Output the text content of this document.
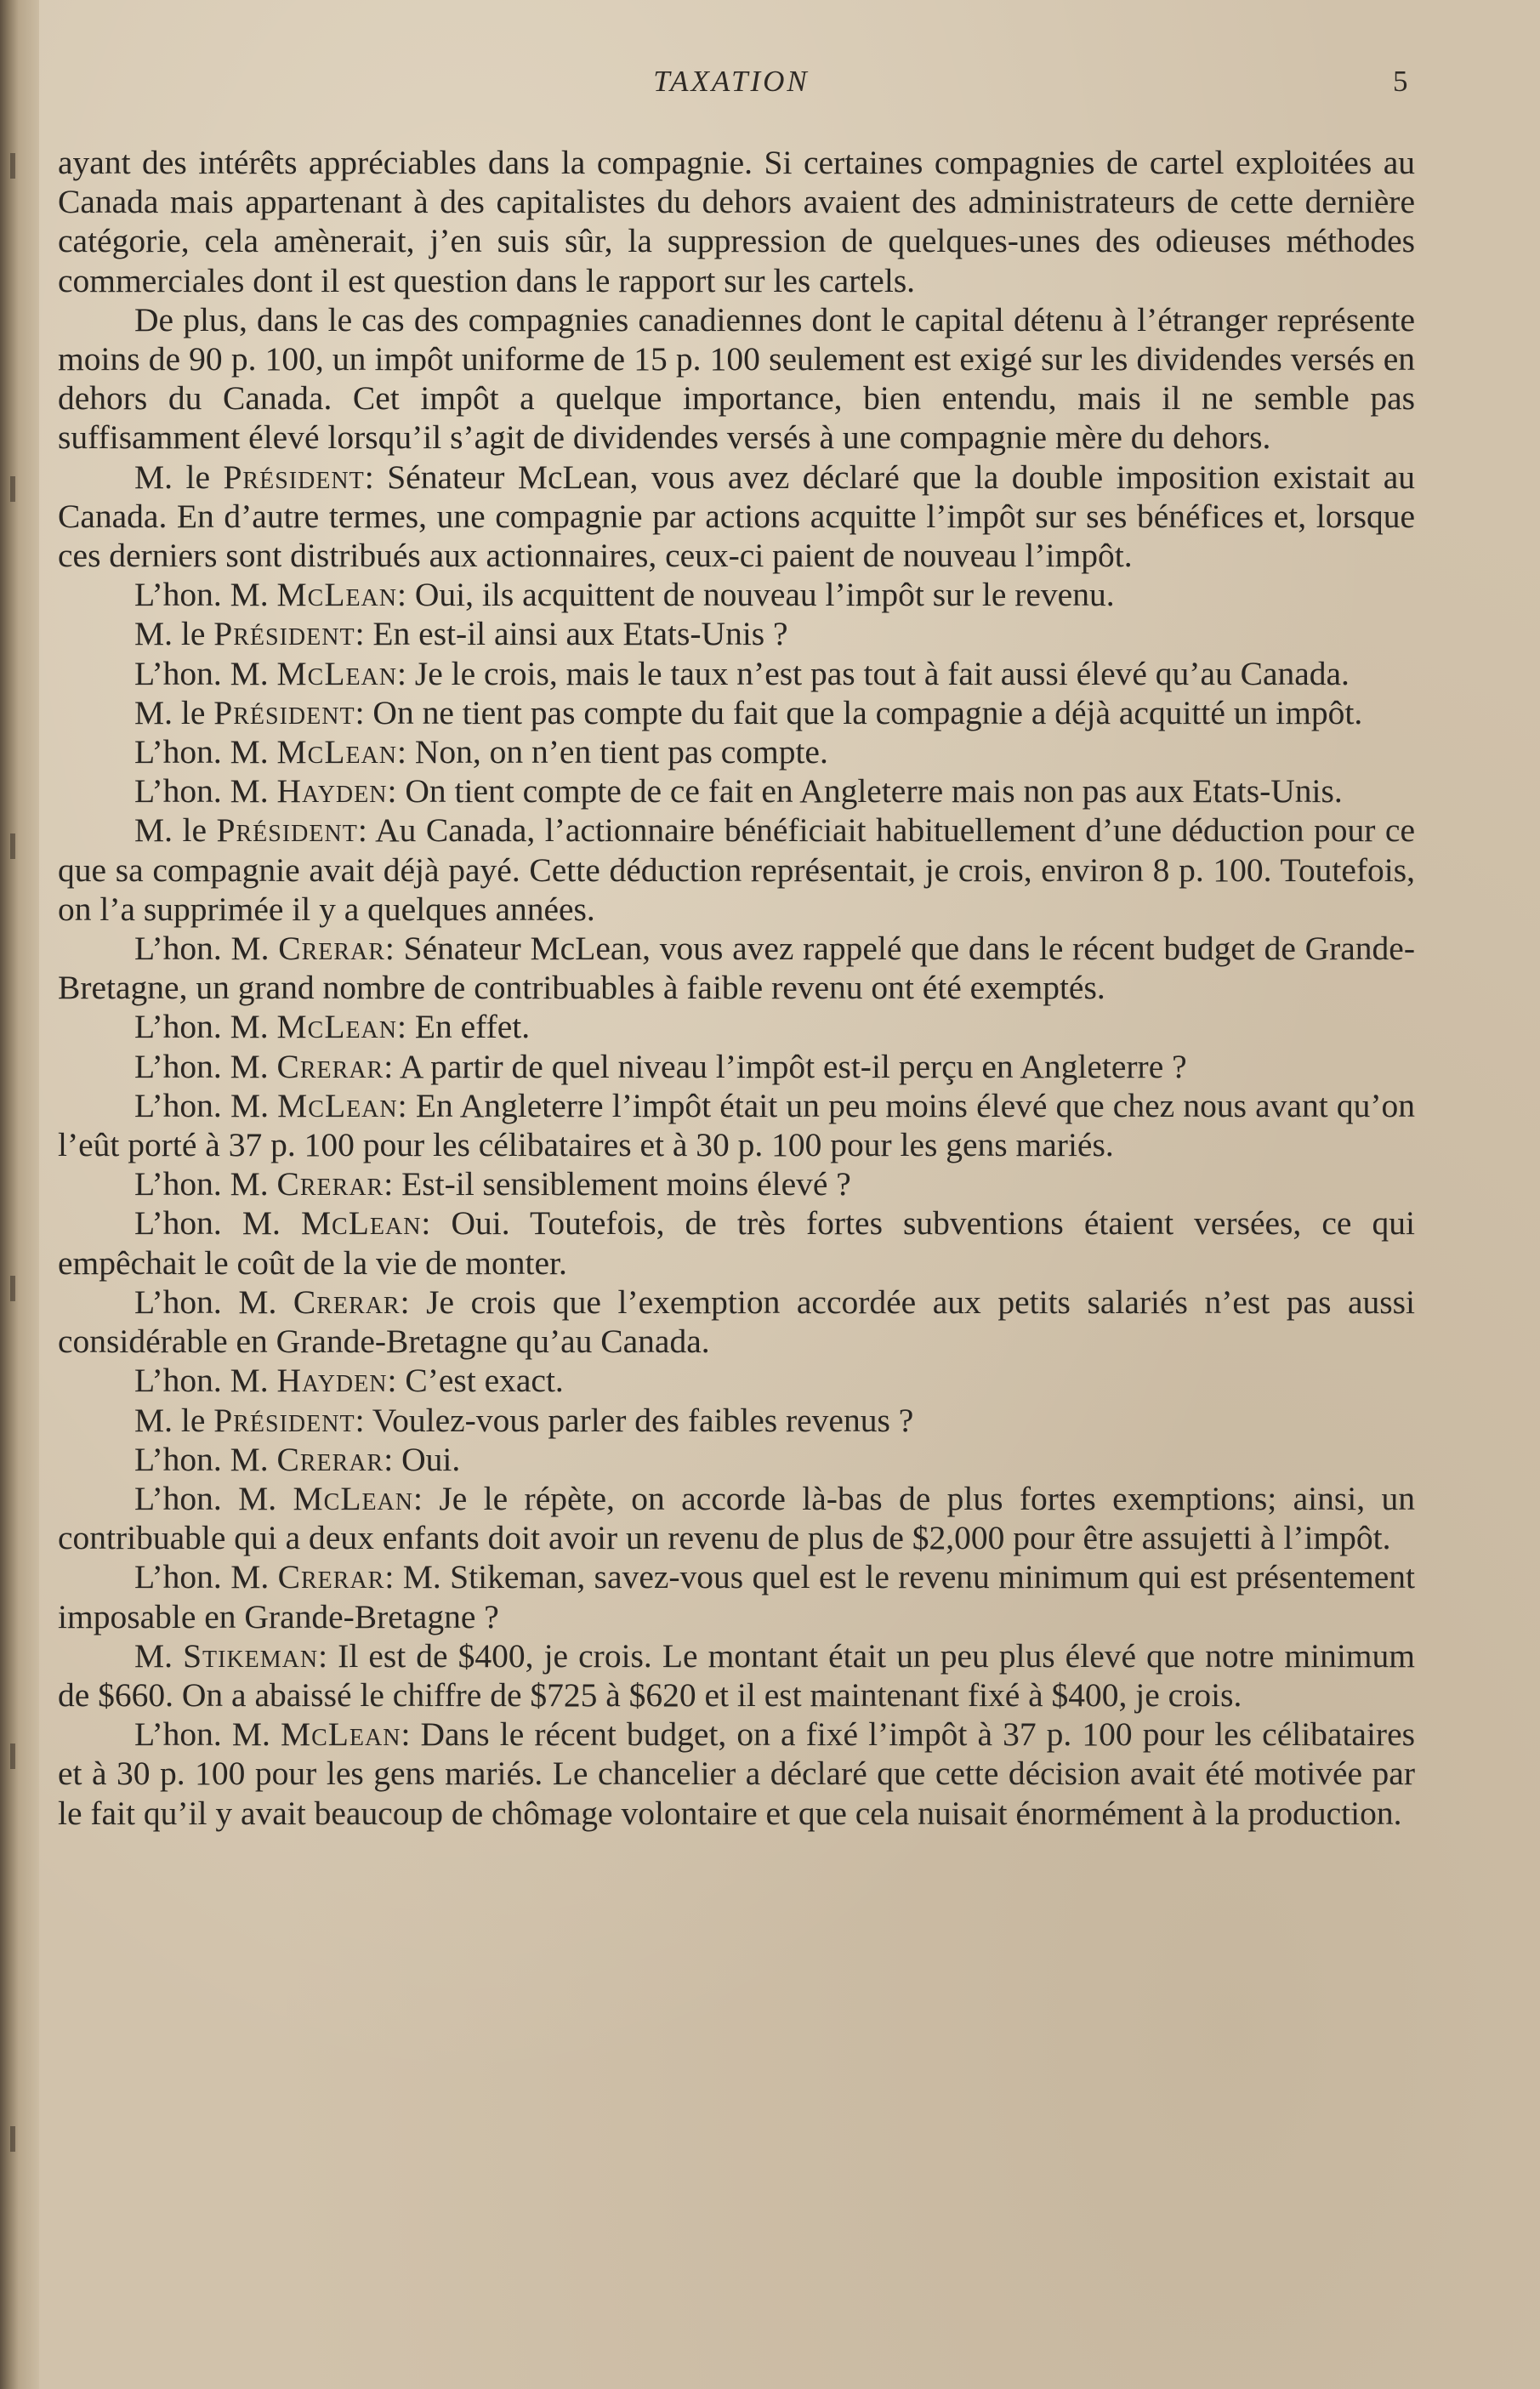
TAXATION	5

ayant des intérêts appréciables dans la compagnie. Si certaines compagnies de cartel exploitées au Canada mais appartenant à des capitalistes du dehors avaient des administrateurs de cette dernière catégorie, cela amènerait, j’en suis sûr, la suppression de quelques-unes des odieuses méthodes commerciales dont il est question dans le rapport sur les cartels.

De plus, dans le cas des compagnies canadiennes dont le capital détenu à l’étranger représente moins de 90 p. 100, un impôt uniforme de 15 p. 100 seulement est exigé sur les dividendes versés en dehors du Canada. Cet impôt a quelque importance, bien entendu, mais il ne semble pas suffisamment élevé lorsqu’il s’agit de dividendes versés à une compagnie mère du dehors.

M. le Président: Sénateur McLean, vous avez déclaré que la double imposition existait au Canada. En d’autre termes, une compagnie par actions acquitte l’impôt sur ses bénéfices et, lorsque ces derniers sont distribués aux actionnaires, ceux-ci paient de nouveau l’impôt.

L’hon. M. McLean: Oui, ils acquittent de nouveau l’impôt sur le revenu.

M. le Président: En est-il ainsi aux Etats-Unis ?

L’hon. M. McLean: Je le crois, mais le taux n’est pas tout à fait aussi élevé qu’au Canada.

M. le Président: On ne tient pas compte du fait que la compagnie a déjà acquitté un impôt.

L’hon. M. McLean: Non, on n’en tient pas compte.

L’hon. M. Hayden: On tient compte de ce fait en Angleterre mais non pas aux Etats-Unis.

M. le Président: Au Canada, l’actionnaire bénéficiait habituellement d’une déduction pour ce que sa compagnie avait déjà payé. Cette déduction représentait, je crois, environ 8 p. 100. Toutefois, on l’a supprimée il y a quelques années.

L’hon. M. Crerar: Sénateur McLean, vous avez rappelé que dans le récent budget de Grande-Bretagne, un grand nombre de contribuables à faible revenu ont été exemptés.

L’hon. M. McLean: En effet.

L’hon. M. Crerar: A partir de quel niveau l’impôt est-il perçu en Angleterre ?

L’hon. M. McLean: En Angleterre l’impôt était un peu moins élevé que chez nous avant qu’on l’eût porté à 37 p. 100 pour les célibataires et à 30 p. 100 pour les gens mariés.

L’hon. M. Crerar: Est-il sensiblement moins élevé ?

L’hon. M. McLean: Oui. Toutefois, de très fortes subventions étaient versées, ce qui empêchait le coût de la vie de monter.

L’hon. M. Crerar: Je crois que l’exemption accordée aux petits salariés n’est pas aussi considérable en Grande-Bretagne qu’au Canada.

L’hon. M. Hayden: C’est exact.

M. le Président: Voulez-vous parler des faibles revenus ?

L’hon. M. Crerar: Oui.

L’hon. M. McLean: Je le répète, on accorde là-bas de plus fortes exemptions; ainsi, un contribuable qui a deux enfants doit avoir un revenu de plus de $2,000 pour être assujetti à l’impôt.

L’hon. M. Crerar: M. Stikeman, savez-vous quel est le revenu minimum qui est présentement imposable en Grande-Bretagne ?

M. Stikeman: Il est de $400, je crois. Le montant était un peu plus élevé que notre minimum de $660. On a abaissé le chiffre de $725 à $620 et il est maintenant fixé à $400, je crois.

L’hon. M. McLean: Dans le récent budget, on a fixé l’impôt à 37 p. 100 pour les célibataires et à 30 p. 100 pour les gens mariés. Le chancelier a déclaré que cette décision avait été motivée par le fait qu’il y avait beaucoup de chômage volontaire et que cela nuisait énormément à la production.
